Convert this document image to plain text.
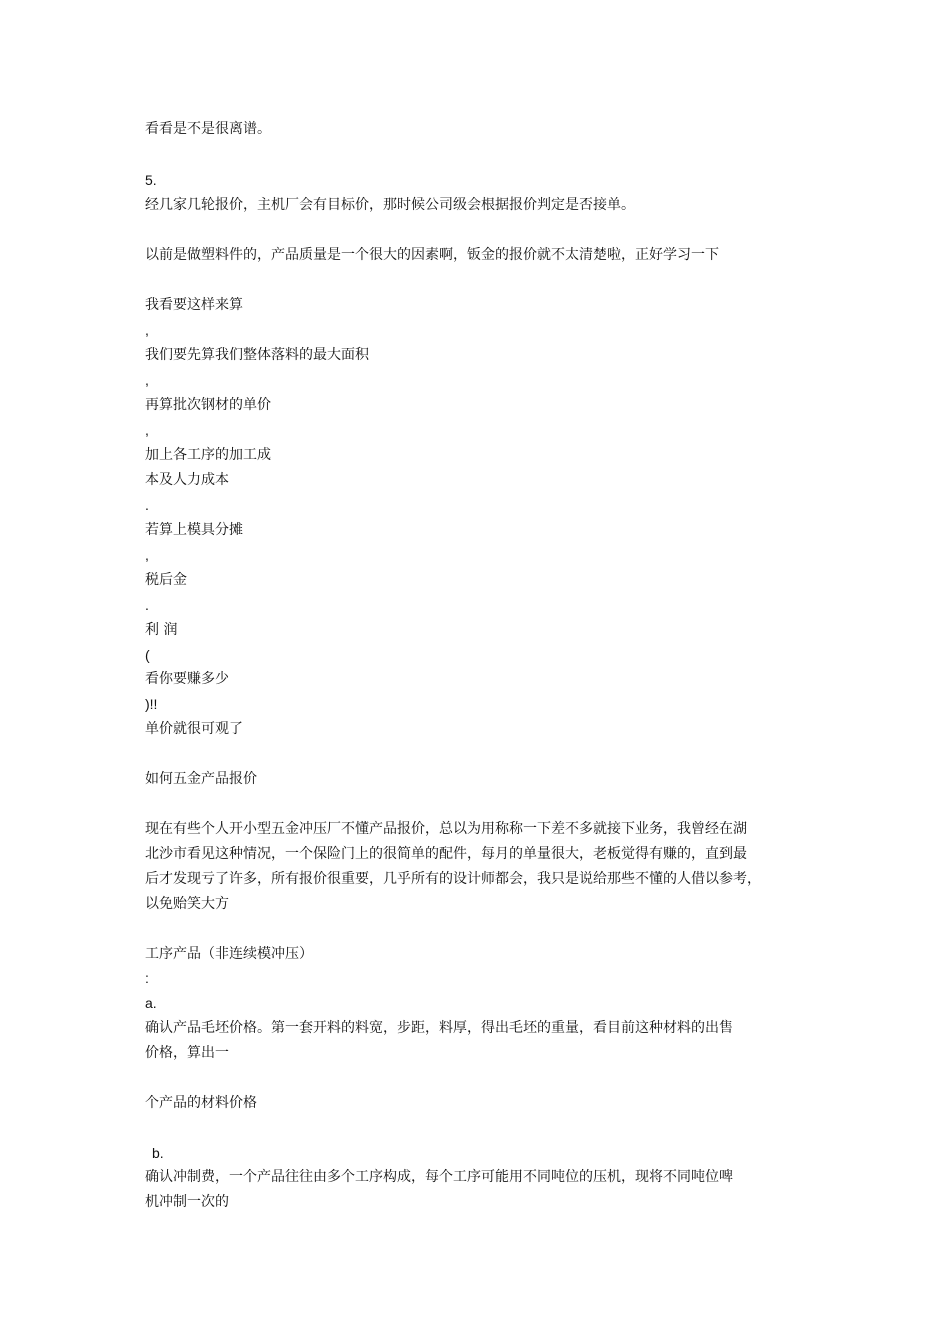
看看是不是很离谱。
5.
经几家几轮报价，主机厂会有目标价，那时候公司级会根据报价判定是否接单。
以前是做塑料件的，产品质量是一个很大的因素啊，钣金的报价就不太清楚啦，正好学习一下
我看要这样来算
,
我们要先算我们整体落料的最大面积
,
再算批次钢材的单价
,
加上各工序的加工成
本及人力成本
.
若算上模具分摊
,
税后金
.
利 润
(
看你要赚多少
)!!
单价就很可观了
如何五金产品报价
现在有些个人开小型五金冲压厂不懂产品报价，总以为用称称一下差不多就接下业务，我曾经在湖
北沙市看见这种情况，一个保险门上的很简单的配件，每月的单量很大，老板觉得有赚的，直到最
后才发现亏了许多，所有报价很重要，几乎所有的设计师都会，我只是说给那些不懂的人借以参考，
以免贻笑大方
工序产品（非连续模冲压）
:
a.
确认产品毛坯价格。第一套开料的料宽，步距，料厚，得出毛坯的重量，看目前这种材料的出售
价格，算出一
个产品的材料价格
b.
确认冲制费，一个产品往往由多个工序构成，每个工序可能用不同吨位的压机，现将不同吨位啤
机冲制一次的
